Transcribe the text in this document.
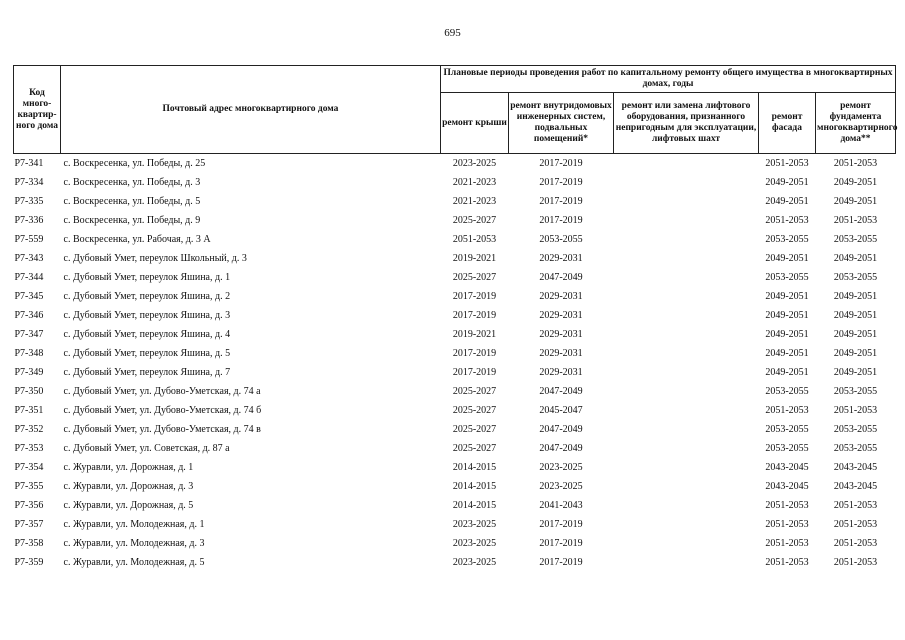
695
Код много-квартир-ного дома	Почтовый адрес многоквартирного дома	Плановые периоды проведения работ по капитальному ремонту общего имущества в многоквартирных домах, годы				
		ремонт крыши	ремонт внутридомовых инженерных систем, подвальных помещений*	ремонт или замена лифтового оборудования, признанного непригодным для эксплуатации, лифтовых шахт	ремонт фасада	ремонт фундамента многоквартирного дома**
Р7-341	с. Воскресенка, ул. Победы, д. 25	2023-2025	2017-2019		2051-2053	2051-2053
Р7-334	с. Воскресенка, ул. Победы, д. 3	2021-2023	2017-2019		2049-2051	2049-2051
Р7-335	с. Воскресенка, ул. Победы, д. 5	2021-2023	2017-2019		2049-2051	2049-2051
Р7-336	с. Воскресенка, ул. Победы, д. 9	2025-2027	2017-2019		2051-2053	2051-2053
Р7-559	с. Воскресенка, ул. Рабочая, д. 3 А	2051-2053	2053-2055		2053-2055	2053-2055
Р7-343	с. Дубовый Умет, переулок Школьный, д. 3	2019-2021	2029-2031		2049-2051	2049-2051
Р7-344	с. Дубовый Умет, переулок Яшина, д. 1	2025-2027	2047-2049		2053-2055	2053-2055
Р7-345	с. Дубовый Умет, переулок Яшина, д. 2	2017-2019	2029-2031		2049-2051	2049-2051
Р7-346	с. Дубовый Умет, переулок Яшина, д. 3	2017-2019	2029-2031		2049-2051	2049-2051
Р7-347	с. Дубовый Умет, переулок Яшина, д. 4	2019-2021	2029-2031		2049-2051	2049-2051
Р7-348	с. Дубовый Умет, переулок Яшина, д. 5	2017-2019	2029-2031		2049-2051	2049-2051
Р7-349	с. Дубовый Умет, переулок Яшина, д. 7	2017-2019	2029-2031		2049-2051	2049-2051
Р7-350	с. Дубовый Умет, ул. Дубово-Уметская, д. 74 а	2025-2027	2047-2049		2053-2055	2053-2055
Р7-351	с. Дубовый Умет, ул. Дубово-Уметская, д. 74 б	2025-2027	2045-2047		2051-2053	2051-2053
Р7-352	с. Дубовый Умет, ул. Дубово-Уметская, д. 74 в	2025-2027	2047-2049		2053-2055	2053-2055
Р7-353	с. Дубовый Умет, ул. Советская, д. 87 а	2025-2027	2047-2049		2053-2055	2053-2055
Р7-354	с. Журавли, ул. Дорожная, д. 1	2014-2015	2023-2025		2043-2045	2043-2045
Р7-355	с. Журавли, ул. Дорожная, д. 3	2014-2015	2023-2025		2043-2045	2043-2045
Р7-356	с. Журавли, ул. Дорожная, д. 5	2014-2015	2041-2043		2051-2053	2051-2053
Р7-357	с. Журавли, ул. Молодежная, д. 1	2023-2025	2017-2019		2051-2053	2051-2053
Р7-358	с. Журавли, ул. Молодежная, д. 3	2023-2025	2017-2019		2051-2053	2051-2053
Р7-359	с. Журавли, ул. Молодежная, д. 5	2023-2025	2017-2019		2051-2053	2051-2053
